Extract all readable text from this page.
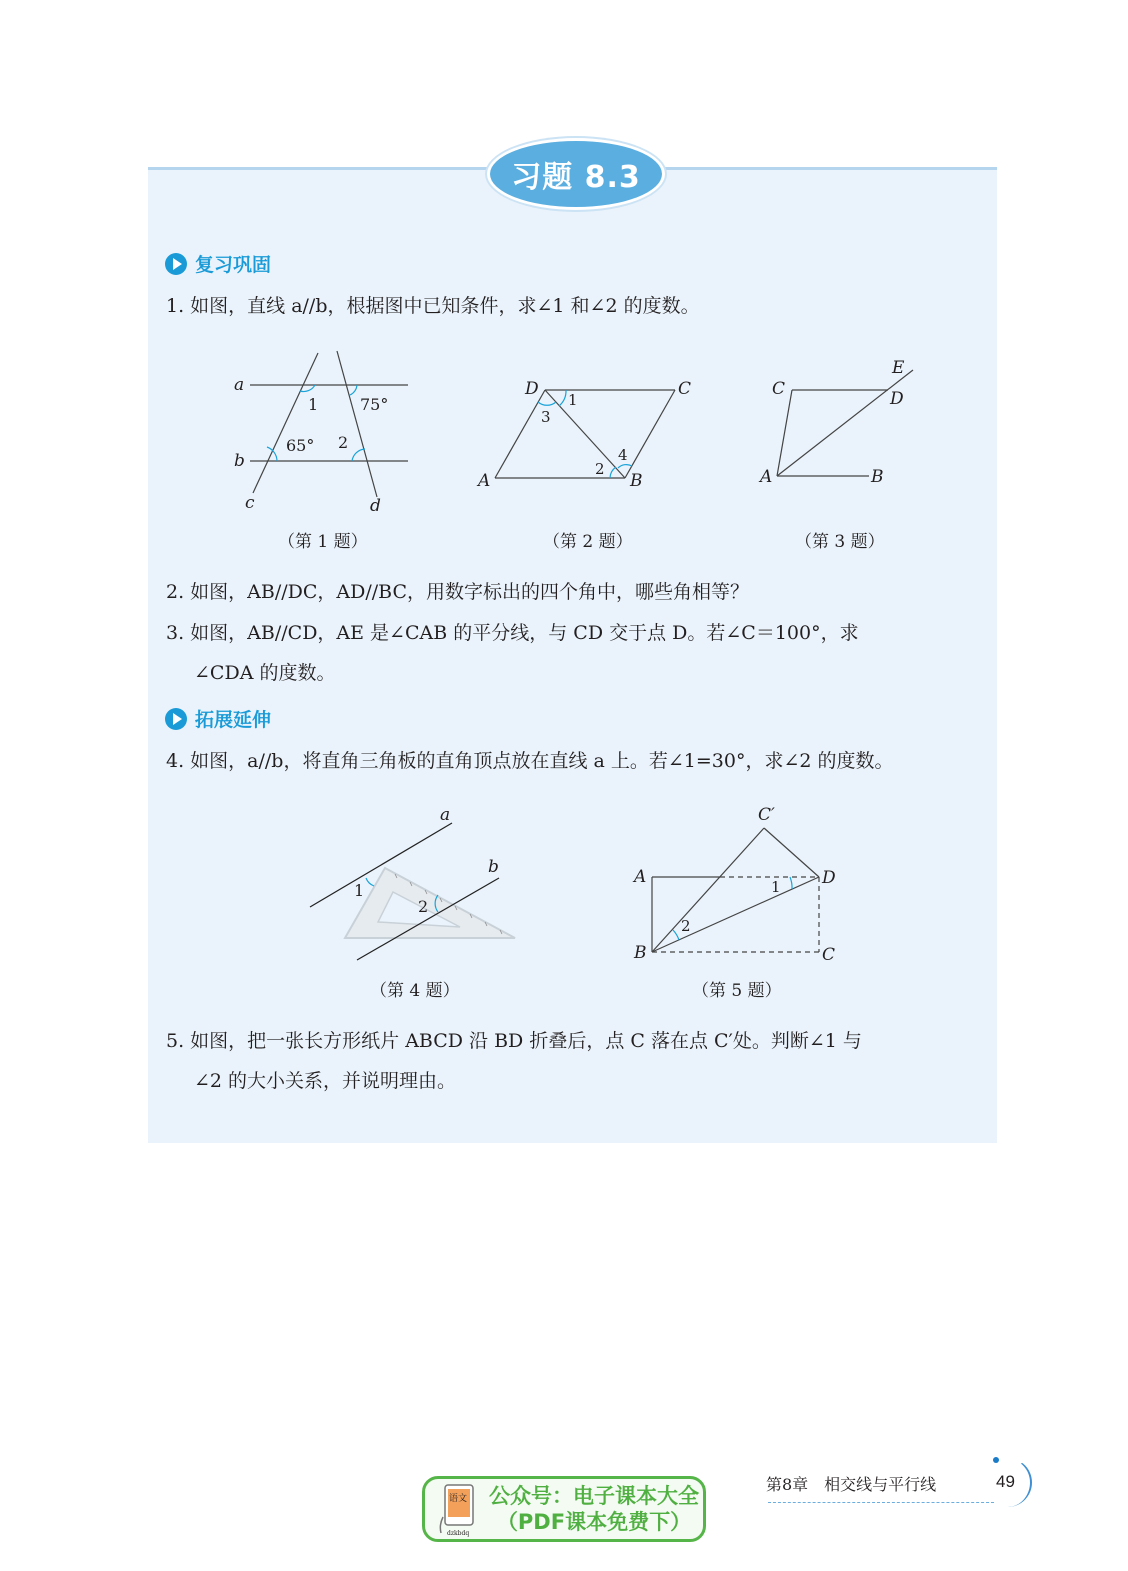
习题 8.3
复习巩固
1. 如图，直线 a//b，根据图中已知条件，求∠1 和∠2 的度数。
a
b
c	d
1	75°
65° 2
（第 1 题）
D	C
A	B
1
2
3
4
（第 2 题）
C
E
D
A	B
（第 3 题）
2. 如图，AB//DC，AD//BC，用数字标出的四个角中，哪些角相等？
3. 如图，AB//CD，AE 是∠CAB 的平分线，与 CD 交于点 D。若∠C＝100°，求
∠CDA 的度数。
拓展延伸
4. 如图，a//b，将直角三角板的直角顶点放在直线 a 上。若∠1=30°，求∠2 的度数。
a
b
1
2
（第 4 题）
C′
A	D
B	C
1
2
（第 5 题）
5. 如图，把一张长方形纸片 ABCD 沿 BD 折叠后，点 C 落在点 C′处。判断∠1 与
∠2 的大小关系，并说明理由。
语文
dzkbdq
公众号：电子课本大全
（PDF课本免费下）
第8章　相交线与平行线	49
